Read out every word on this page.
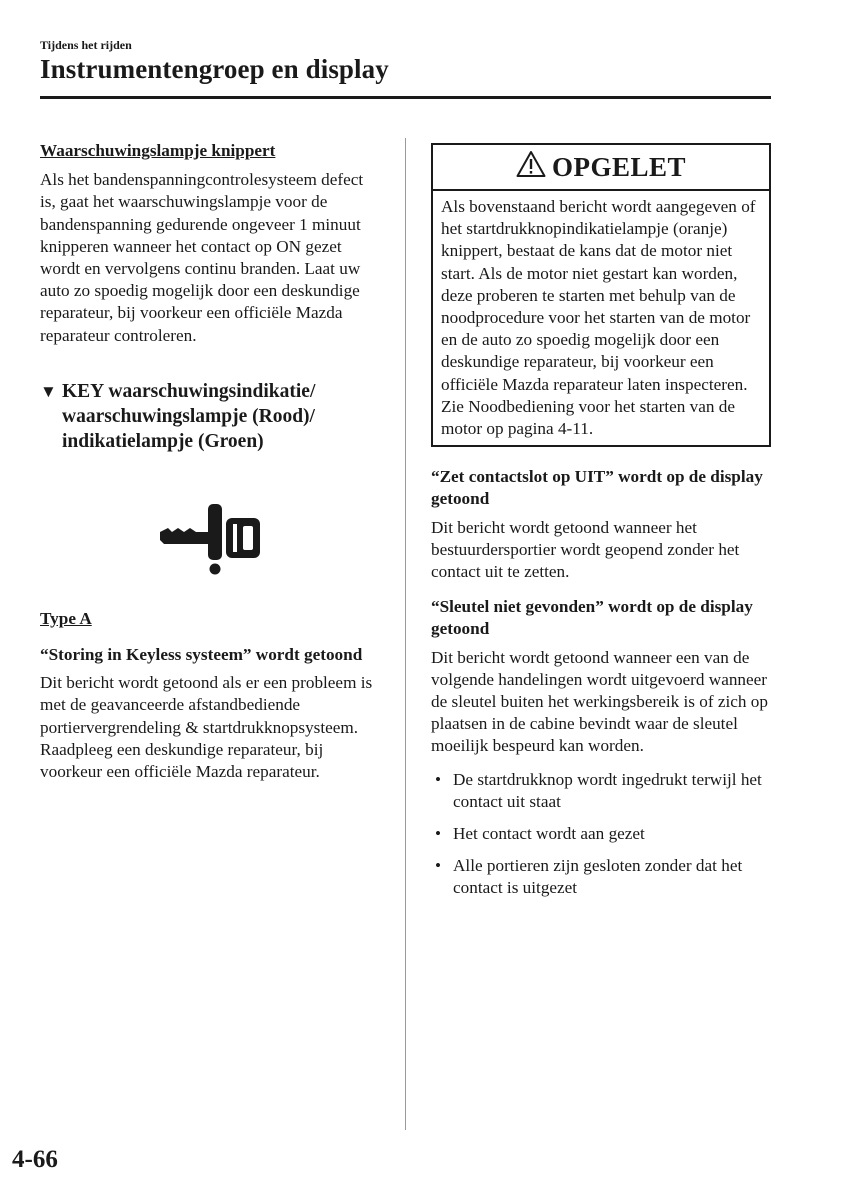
Tijdens het rijden
Instrumentengroep en display

Waarschuwingslampje knippert

Als het bandenspanningcontrolesysteem defect is, gaat het waarschuwingslampje voor de bandenspanning gedurende ongeveer 1 minuut knipperen wanneer het contact op ON gezet wordt en vervolgens continu branden. Laat uw auto zo spoedig mogelijk door een deskundige reparateur, bij voorkeur een officiële Mazda reparateur controleren.

▼ KEY waarschuwingsindikatie/ waarschuwingslampje (Rood)/ indikatielampje (Groen)

Type A

“Storing in Keyless systeem” wordt getoond

Dit bericht wordt getoond als er een probleem is met de geavanceerde afstandbediende portiervergrendeling & startdrukknopsysteem. Raadpleeg een deskundige reparateur, bij voorkeur een officiële Mazda reparateur.

OPGELET
Als bovenstaand bericht wordt aangegeven of het startdrukknopindikatielampje (oranje) knippert, bestaat de kans dat de motor niet start. Als de motor niet gestart kan worden, deze proberen te starten met behulp van de noodprocedure voor het starten van de motor en de auto zo spoedig mogelijk door een deskundige reparateur, bij voorkeur een officiële Mazda reparateur laten inspecteren. Zie Noodbediening voor het starten van de motor op pagina 4-11.

“Zet contactslot op UIT” wordt op de display getoond

Dit bericht wordt getoond wanneer het bestuurdersportier wordt geopend zonder het contact uit te zetten.

“Sleutel niet gevonden” wordt op de display getoond

Dit bericht wordt getoond wanneer een van de volgende handelingen wordt uitgevoerd wanneer de sleutel buiten het werkingsbereik is of zich op plaatsen in de cabine bevindt waar de sleutel moeilijk bespeurd kan worden.

• De startdrukknop wordt ingedrukt terwijl het contact uit staat
• Het contact wordt aan gezet
• Alle portieren zijn gesloten zonder dat het contact is uitgezet
4-66
